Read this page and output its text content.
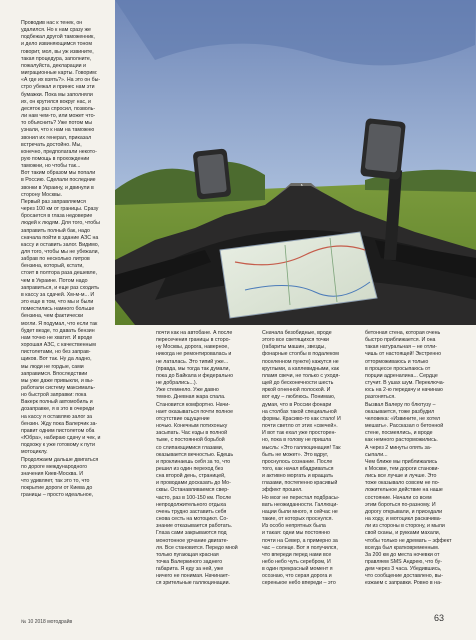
Проводив нас к тенек, он
удалился. Но к нам сразу же
подбежал другой таможенник,
и дело извиняющимся тоном
говорит, мол, вы уж извините,
такая процедура, заполните,
пожалуйста, декларации и
миграционные карты. Говорим:
«А где их взять?». На это он бы-
стро убежал и принес нам эти
бумажки. Пока мы заполняли
их, он крутился вокруг нас, и
десяток раз спросил, позволь-
ли нам чем-то, или может что-
то объяснить? Уже потом мы
узнали, что к нам на таможню
звонил их генерал, приказал
встречать достойно. Мы,
конечно, предполагали некото-
рую помощь в прохождении
таможни, но чтобы так...
Вот таким образом мы попали
в Россию. Сделали последние
звонки в Украину, и двинули в
сторону Москвы.
Первый раз заправляемся
через 100 км от границы. Сразу
бросается в глаза недоверие
людей к людям. Для того, чтобы
заправить полный бак, надо
сначала пойти в здание АЗС на
кассу и оставить залог. Видимо,
для того, чтобы мы не убежали,
забрав по несколько литров
бензина, который, кстати,
стоит в полтора раза дешевле,
чем в Украине. Потом надо
заправиться, и еще раз сходить
в кассу за сдачей. Хм-м-м... И
это еще в том, что мы и были
поместились намного больше
бензина, чем фактически
могли. Я подумал, что если так
будет везде, то давать бензин
нам точно не хватит. И вроде
хорошая АЗС, с качественным
пистолетами, но без заправ-
щиков. Вот так. Ну да ладно,
мы люди не гордые, сами
заправимся. Впоследствии
мы уже даже привыкли, и вы-
работали систему максималь-
но быстрой заправки: пока
Вакерк полный автомобиль и
дозаправке, я в это в очереди
на кассу я оставляю залог за
бензин. Жду пока Валерчик за-
правит одним пистолетом оба
«Юбра», набираю сдачу и чек, и
подхожу к уже готовому к пути
мотоциклу.
Продолжаем дальше двигаться
по дороге международного
значения Киев-Москва. И
что удивляет, так это то, что
покрытие дороги от Киева до
границы – просто идеальное,
почти как на автобане. А после
пересечения границы в сторо-
ну Москвы, дорога, наверное,
никогда не ремонтировалась и
не латалась. Это типий уже...
(правда, мы тогда так думали,
пока до Байкала и федерально
не добрались...).
Уже стемнело. Уже давно
темно. Дневная жара спала.
Становится комфортно. Начи-
нает оказываться почти полное
отсутствие ощущение
ночью. Конечным потихоньку
засыпать. Час езды в полной
тьме, с постоянной борьбой
со слипающимися глазами,
оказывается вечностью. Едешь
и проклинаешь себя за то, что
решил из один переход без
сна второй день, страницей,
и проводами досказать до Мо-
сквы. Останавливаемся свер-
часто, раз в 100-150 км. После
непродолжительного отдыха
очень трудно заставить себя
снова сесть на мотоцикл. Со-
знание отказывается работать.
Глаза сами закрываются под
монотонное урчание двигате-
ля. Все становится. Передо мной
только пугающая красная
точка Валеркиного заднего
габарита. Я еду за ней, уже
ничего не понимая. Начинает-
ся зрительные галлюцинации.
Сначала безобидные, вроде
этого все светящихся точки
(габариты машин, звезды,
фонарные столбы в подалеком
поселенном пункте) кажутся не
круглыми, а каплевидными, как
пламя свечи, не только с уходя-
щей до бесконечности шесть
яркой огненной полоской. И
вот еду – люблюсь. Понимаю,
думая, что в России фонари
на столбах такой специальной
формы. Красиво-то как стало! И
почти светло от этих «свечей».
И вот так ехал уже просторен-
но, пока в голову не пришла
мысль: «Это галлюцинация! Так
быть не может». Это вдруг,
проснулось сознание. После
того, как начал вбадриваться
и активно моргать и вращать
глазами, постепенно красивый
эффект прошел.
Но мозг не перестал подбрасы-
вать неожиданности. Галлюци-
нации были много, я сейчас не
такие, от которых проснулся.
Из особо непрятных была
и такая: одни мы постоянно
почти на Север, а примерно за
час – солнце. Вот я получился,
что впереди перед нами все
небо небо чуть серебром, И
в один прекрасный момент я
осознаю, что серая дорога и
серенькое небо впереди – это
бетонная стена, которая очень
быстро приближается. И она
такая натуральная – не отли-
чишь от настоящей! Экстренно
отторможиваюсь и только
в процессе просыпаюсь от
порции адреналина... Сердце
стучит. В ушах шум. Переключа-
юсь на 2-ю передачу и начинаю
разгоняться.
Вызвал Валеру по блютузу –
оказывается, тоже разбудил
человека: «Извините, не хотел
мешать». Рассказал о бетонной
стене, посмеялись, и вроде
как немного расторможились.
А через 2 минуты опять за-
сыпали...
Чем ближе мы приближались
к Москве, тем дороги станови-
лись все лучше и лучше. Это
тоже оказывало совсем не по-
ложительное действие на наше
состояние. Начали со всем
этим бороться по-разному. И
дорогу открывали, и приседали
на ходу, и мотоцикл раскачива-
ли из стороны в сторону, и мыли
свой сканы, и рукками махали,
чтобы только не дремать – эффект
всегда был кратковременным.
За 200 км до места ночевки от
правляем SMS Андрею, что бу-
дем через 3 часа. Убедившись,
что сообщение доставлено, вы-
езжаем с заправки. Ровно в на-
№ 10 2018 мотодрайв	63
